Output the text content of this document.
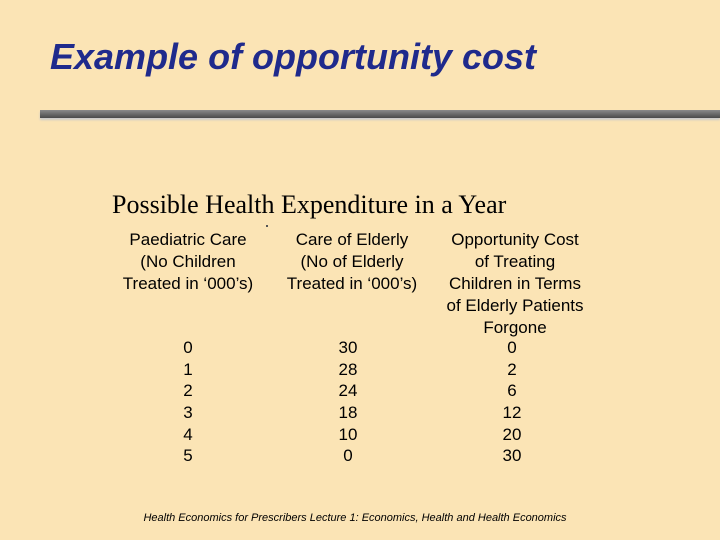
Example of opportunity cost
Possible Health Expenditure in a Year
Paediatric Care
(No Children
Treated in ‘000’s)
Care of Elderly
(No of Elderly
Treated in ‘000’s)
Opportunity Cost
of Treating
Children in Terms
of Elderly Patients
Forgone
0
1
2
3
4
5
30
28
24
18
10
0
0
2
6
12
20
30
Health Economics for Prescribers Lecture 1: Economics, Health and Health Economics
